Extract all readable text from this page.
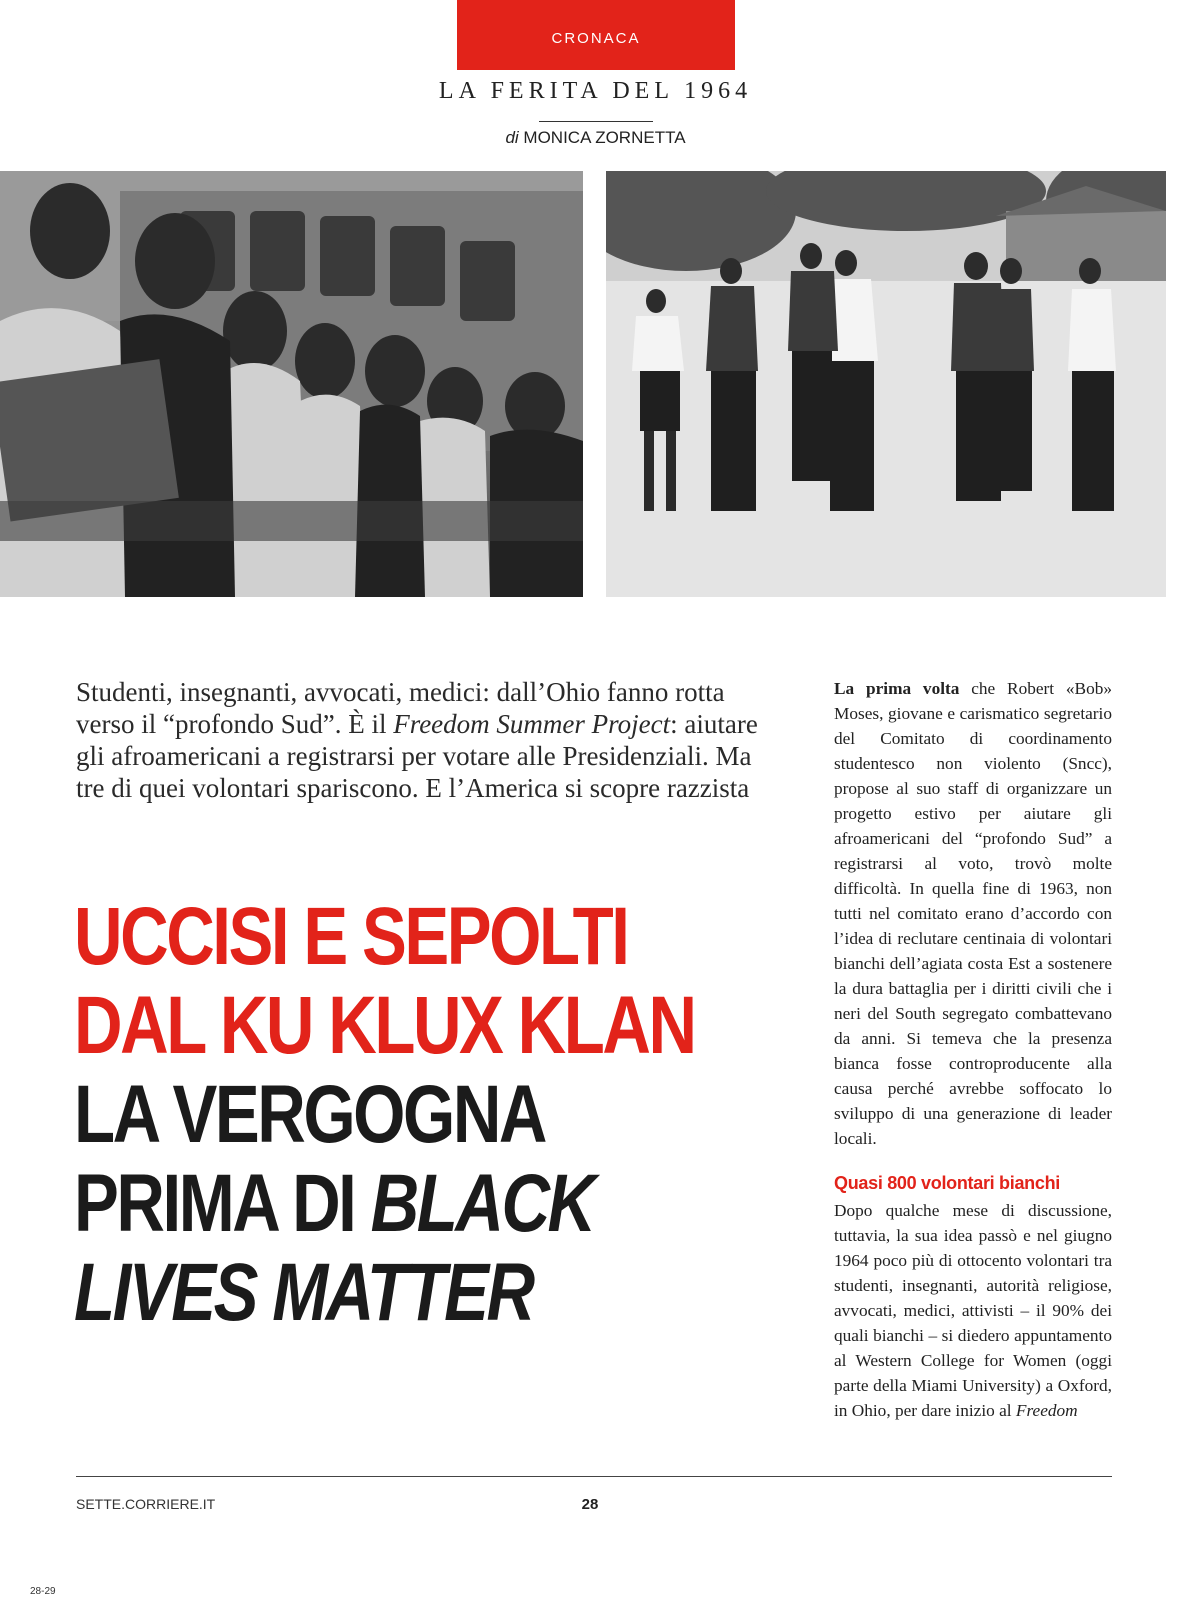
CRONACA
LA FERITA DEL 1964
di MONICA ZORNETTA
Studenti, insegnanti, avvocati, medici: dall’Ohio fanno rotta verso il “profondo Sud”. È il Freedom Summer Project: aiutare gli afroamericani a registrarsi per votare alle Presidenziali. Ma tre di quei volontari spariscono. E l’America si scopre razzista
UCCISI E SEPOLTI
DAL KU KLUX KLAN
LA VERGOGNA
PRIMA DI BLACK
LIVES MATTER

La prima volta che Robert «Bob» Moses, giovane e carismatico segretario del Comitato di coordinamento studentesco non violento (Sncc), propose al suo staff di organizzare un progetto estivo per aiutare gli afroamericani del “profondo Sud” a registrarsi al voto, trovò molte difficoltà. In quella fine di 1963, non tutti nel comitato erano d’accordo con l’idea di reclutare centinaia di volontari bianchi dell’agiata costa Est a sostenere la dura battaglia per i diritti civili che i neri del South segregato combattevano da anni. Si temeva che la presenza bianca fosse controproducente alla causa perché avrebbe soffocato lo sviluppo di una generazione di leader locali.

Quasi 800 volontari bianchi

Dopo qualche mese di discussione, tuttavia, la sua idea passò e nel giugno 1964 poco più di ottocento volontari tra studenti, insegnanti, autorità religiose, avvocati, medici, attivisti – il 90% dei quali bianchi – si diedero appuntamento al Western College for Women (oggi parte della Miami University) a Oxford, in Ohio, per dare inizio al Freedom

SETTE.CORRIERE.IT	28
28-29
